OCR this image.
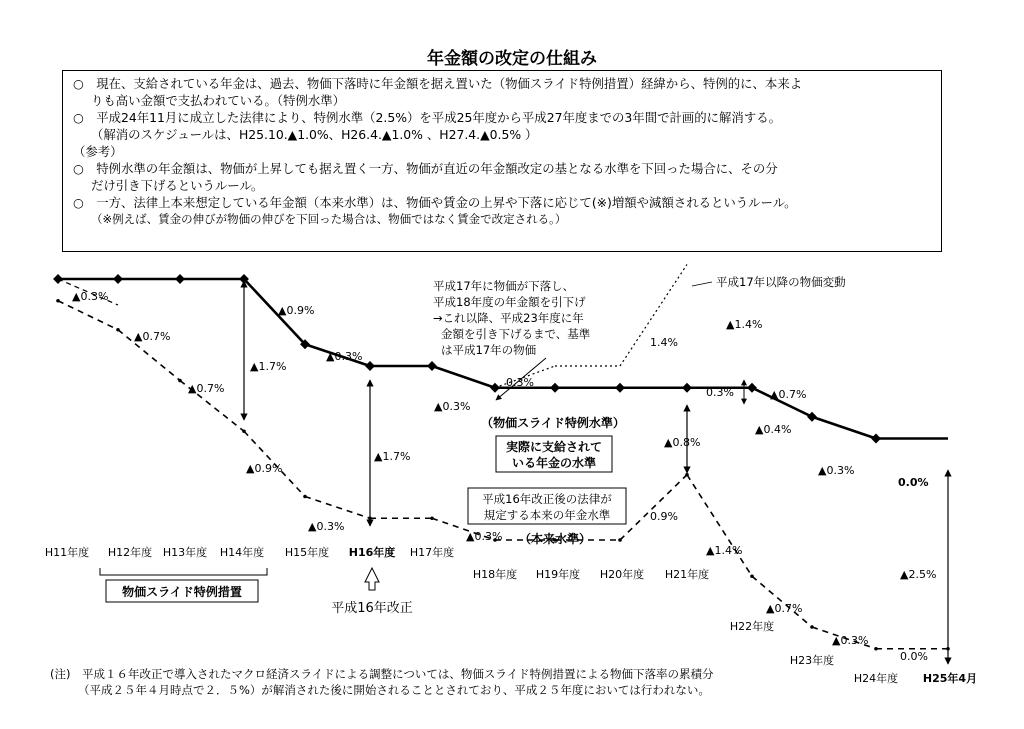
年金額の改定の仕組み

○　現在、支給されている年金は、過去、物価下落時に年金額を据え置いた（物価スライド特例措置）経緯から、特例的に、本来よ

りも高い金額で支払われている。（特例水準）

○　平成24年11月に成立した法律により、特例水準（2.5%）を平成25年度から平成27年度までの3年間で計画的に解消する。

（解消のスケジュールは、H25.10.▲1.0%、H26.4.▲1.0% 、H27.4.▲0.5% ）

（参考）

○　特例水準の年金額は、物価が上昇しても据え置く一方、物価が直近の年金額改定の基となる水準を下回った場合に、その分

だけ引き下げるというルール。

○　一方、法律上本来想定している年金額（本来水準）は、物価や賃金の上昇や下落に応じて(※)増額や減額されるというルール。

（※例えば、賃金の伸びが物価の伸びを下回った場合は、物価ではなく賃金で改定される。）

H11年度 H12年度 H13年度 H14年度 H15年度 H16年度 H17年度
H18年度 H19年度 H20年度 H21年度
H22年度
H23年度
H24年度 H25年4月
物価スライド特例措置
平成16年改正
（物価スライド特例水準）
実際に支給されて
いる年金の水準
平成16年改正後の法律が
規定する本来の年金水準
（本来水準）
平成17年に物価が下落し、
平成18年度の年金額を引下げ
→これ以降、平成23年度に年
金額を引き下げるまで、基準
は平成17年の物価
平成17年以降の物価変動
▲0.9%
▲0.3%
▲0.3%
▲0.4%
▲0.3%
0.0%
▲0.3%
▲0.7%
▲0.7%
▲0.9%
▲0.3%
▲0.3%
0.9%
▲1.4%
▲0.7%
▲0.3%
0.0%
0.3%
1.4%
▲1.4%
0.3%	▲0.7%
▲1.7%
▲1.7%
▲0.8%
▲2.5%

(注)　平成１６年改正で導入されたマクロ経済スライドによる調整については、物価スライド特例措置による物価下落率の累積分

（平成２５年４月時点で２．５%）が解消された後に開始されることとされており、平成２５年度においては行われない。
